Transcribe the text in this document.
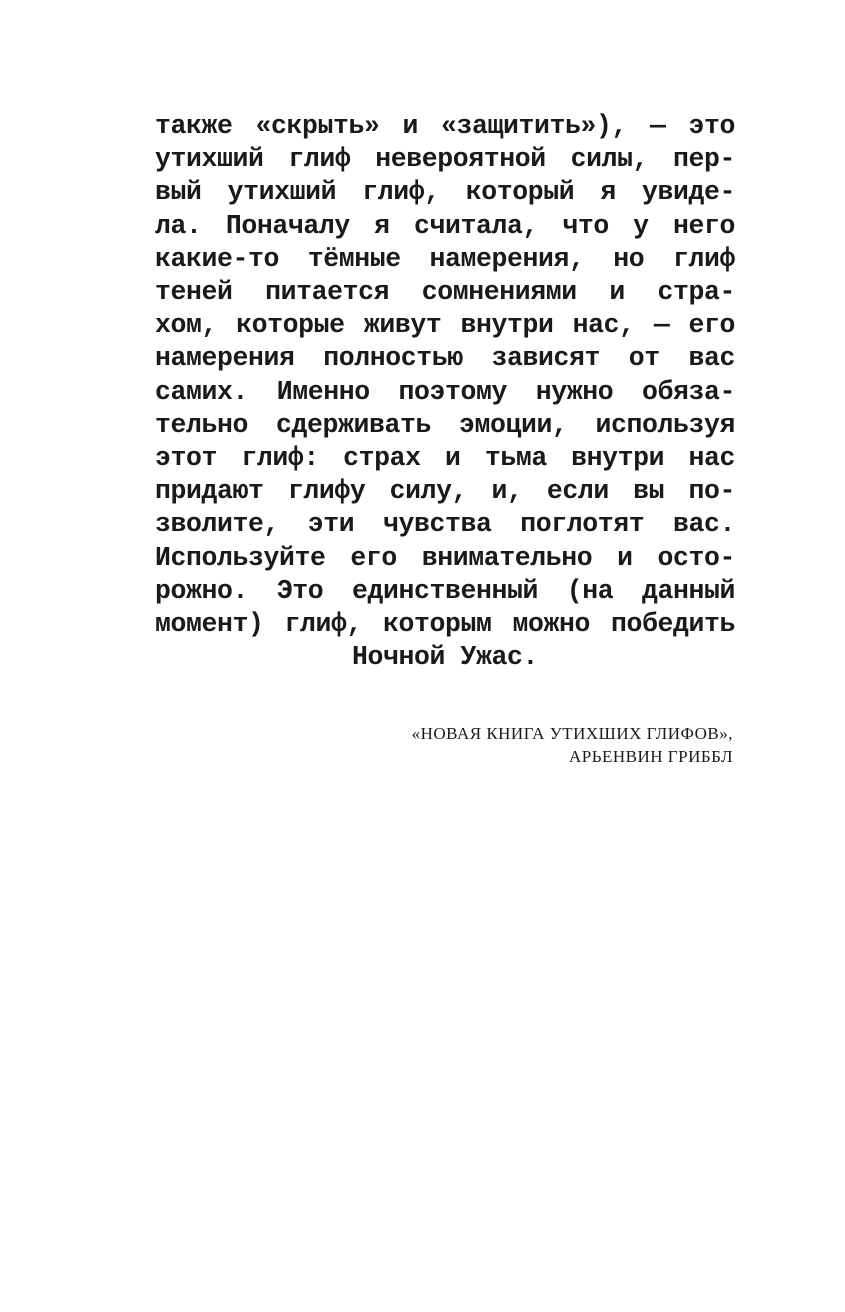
также «скрыть» и «защитить»), — это
утихший глиф невероятной силы, пер-
вый утихший глиф, который я увиде-
ла. Поначалу я считала, что у него
какие-то тёмные намерения, но глиф
теней питается сомнениями и стра-
хом, которые живут внутри нас, — его
намерения полностью зависят от вас
самих. Именно поэтому нужно обяза-
тельно сдерживать эмоции, используя
этот глиф: страх и тьма внутри нас
придают глифу силу, и, если вы по-
зволите, эти чувства поглотят вас.
Используйте его внимательно и осто-
рожно. Это единственный (на данный
момент) глиф, которым можно победить
Ночной Ужас.
«НОВАЯ КНИГА УТИХШИХ ГЛИФОВ»,
АРЬЕНВИН ГРИББЛ
